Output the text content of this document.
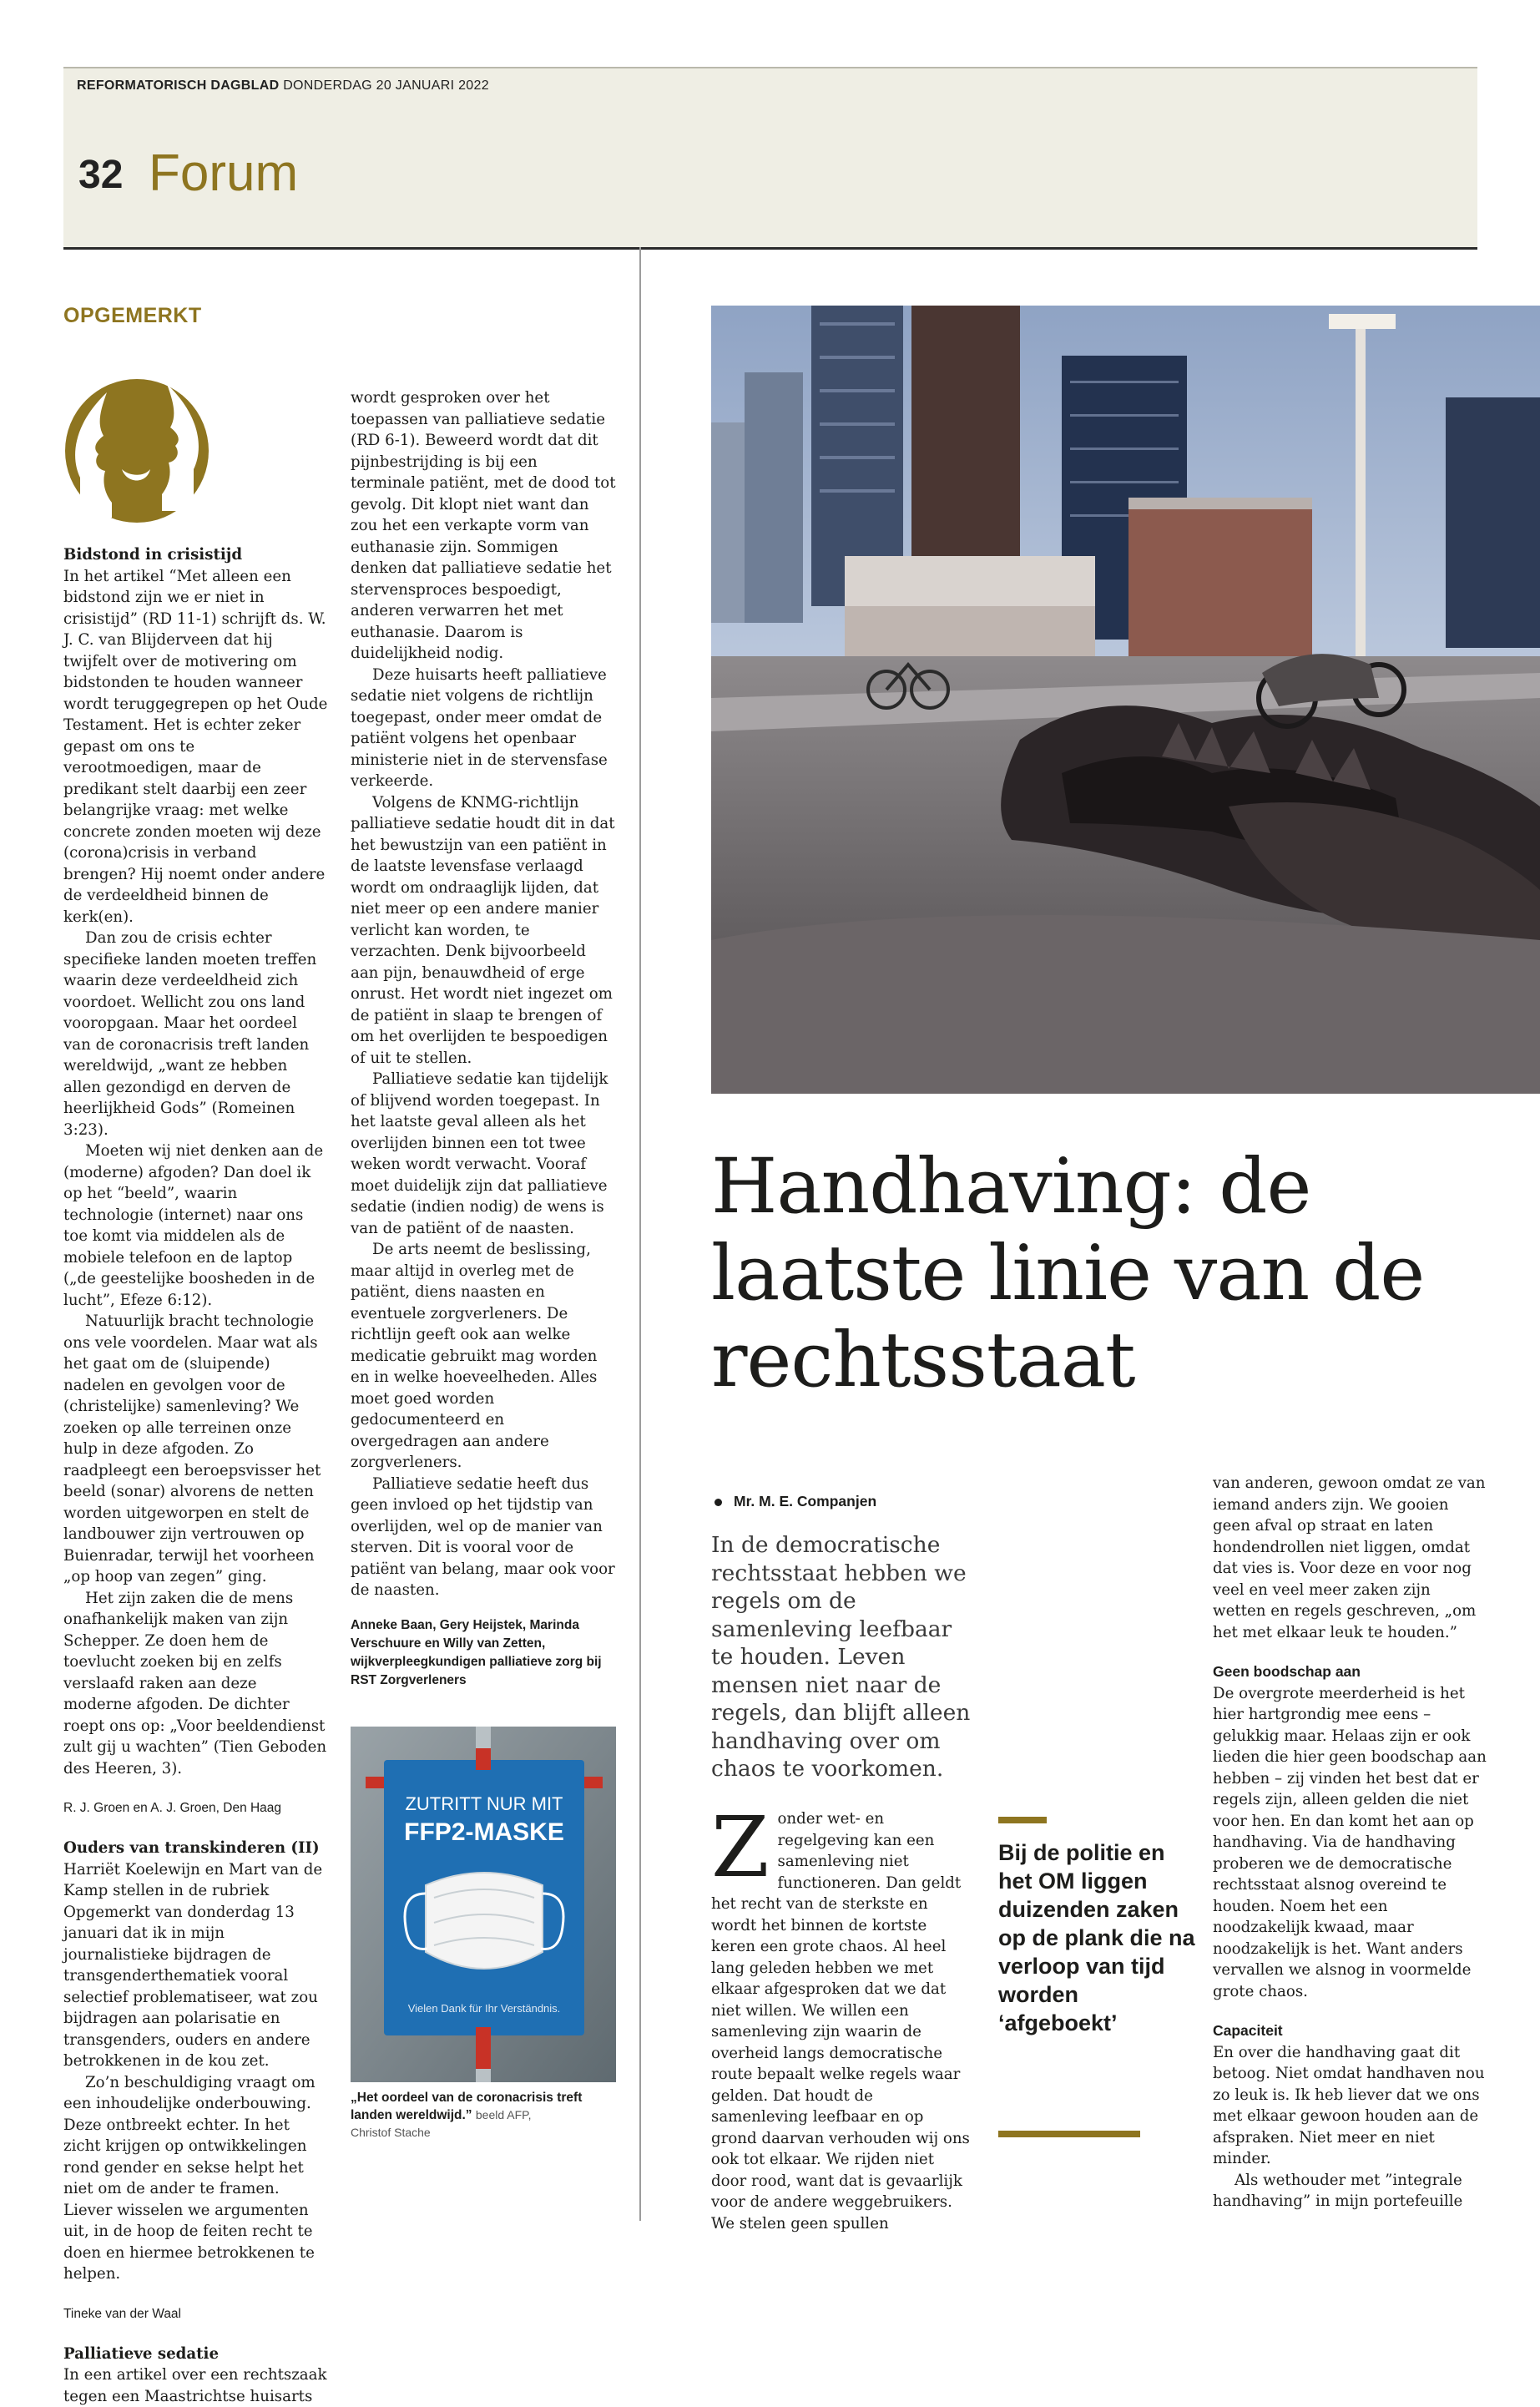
REFORMATORISCH DAGBLAD DONDERDAG 20 JANUARI 2022
32 Forum
OPGEMERKT
Bidstond in crisistijd

In het artikel “Met alleen een bidstond zijn we er niet in crisistijd” (RD 11-1) schrijft ds. W. J. C. van Blijderveen dat hij twijfelt over de motivering om bidstonden te houden wanneer wordt teruggegrepen op het Oude Testament. Het is echter zeker gepast om ons te verootmoedigen, maar de predikant stelt daarbij een zeer belangrijke vraag: met welke concrete zonden moeten wij deze (corona)crisis in verband brengen? Hij noemt onder andere de verdeeldheid binnen de kerk(en).

Dan zou de crisis echter specifieke landen moeten treffen waarin deze verdeeldheid zich voordoet. Wellicht zou ons land vooropgaan. Maar het oordeel van de coronacrisis treft landen wereldwijd, „want ze hebben allen gezondigd en derven de heerlijkheid Gods” (Romeinen 3:23).

Moeten wij niet denken aan de (moderne) afgoden? Dan doel ik op het “beeld”, waarin technologie (internet) naar ons toe komt via middelen als de mobiele telefoon en de laptop („de geestelijke boosheden in de lucht”, Efeze 6:12).

Natuurlijk bracht technologie ons vele voordelen. Maar wat als het gaat om de (sluipende) nadelen en gevolgen voor de (christelijke) samenleving? We zoeken op alle terreinen onze hulp in deze afgoden. Zo raadpleegt een beroepsvisser het beeld (sonar) alvorens de netten worden uitgeworpen en stelt de landbouwer zijn vertrouwen op Buienradar, terwijl het voorheen „op hoop van zegen” ging.

Het zijn zaken die de mens onafhankelijk maken van zijn Schepper. Ze doen hem de toevlucht zoeken bij en zelfs verslaafd raken aan deze moderne afgoden. De dichter roept ons op: „Voor beeldendienst zult gij u wachten” (Tien Geboden des Heeren, 3).

R. J. Groen en A. J. Groen, Den Haag
Ouders van transkinderen (II)

Harriët Koelewijn en Mart van de Kamp stellen in de rubriek Opgemerkt van donderdag 13 januari dat ik in mijn journalistieke bijdragen de transgenderthematiek vooral selectief problematiseer, wat zou bijdragen aan polarisatie en transgenders, ouders en andere betrokkenen in de kou zet.

Zo’n beschuldiging vraagt om een inhoudelijke onderbouwing. Deze ontbreekt echter. In het zicht krijgen op ontwikkelingen rond gender en sekse helpt het niet om de ander te framen. Liever wisselen we argumenten uit, in de hoop de feiten recht te doen en hiermee betrokkenen te helpen.

Tineke van der Waal
Palliatieve sedatie

In een artikel over een rechtszaak tegen een Maastrichtse huisarts

wordt gesproken over het toepassen van palliatieve sedatie (RD 6-1). Beweerd wordt dat dit pijnbestrijding is bij een terminale patiënt, met de dood tot gevolg. Dit klopt niet want dan zou het een verkapte vorm van euthanasie zijn. Sommigen denken dat palliatieve sedatie het stervensproces bespoedigt, anderen verwarren het met euthanasie. Daarom is duidelijkheid nodig.

Deze huisarts heeft palliatieve sedatie niet volgens de richtlijn toegepast, onder meer omdat de patiënt volgens het openbaar ministerie niet in de stervensfase verkeerde.

Volgens de KNMG-richtlijn palliatieve sedatie houdt dit in dat het bewustzijn van een patiënt in de laatste levensfase verlaagd wordt om ondraaglijk lijden, dat niet meer op een andere manier verlicht kan worden, te verzachten. Denk bijvoorbeeld aan pijn, benauwdheid of erge onrust. Het wordt niet ingezet om de patiënt in slaap te brengen of om het overlijden te bespoedigen of uit te stellen.

Palliatieve sedatie kan tijdelijk of blijvend worden toegepast. In het laatste geval alleen als het overlijden binnen een tot twee weken wordt verwacht. Vooraf moet duidelijk zijn dat palliatieve sedatie (indien nodig) de wens is van de patiënt of de naasten.

De arts neemt de beslissing, maar altijd in overleg met de patiënt, diens naasten en eventuele zorgverleners. De richtlijn geeft ook aan welke medicatie gebruikt mag worden en in welke hoeveelheden. Alles moet goed worden gedocumenteerd en overgedragen aan andere zorgverleners.

Palliatieve sedatie heeft dus geen invloed op het tijdstip van overlijden, wel op de manier van sterven. Dit is vooral voor de patiënt van belang, maar ook voor de naasten.

Anneke Baan, Gery Heijstek, Marinda Verschuure en Willy van Zetten, wijkverpleegkundigen palliatieve zorg bij RST Zorgverleners
ZUTRITT NUR MIT
FFP2-MASKE
Vielen Dank für Ihr Verständnis.
„Het oordeel van de coronacrisis treft landen wereldwijd.” beeld AFP,
Christof Stache
Handhaving: de
laatste linie van de
rechtsstaat
Mr. M. E. Companjen
In de democratische rechtsstaat hebben we regels om de samenleving leefbaar te houden. Leven mensen niet naar de regels, dan blijft alleen handhaving over om chaos te voorkomen.
Zonder wet- en regelgeving kan een samenleving niet functioneren. Dan geldt het recht van de sterkste en wordt het binnen de kortste keren een grote chaos. Al heel lang geleden hebben we met elkaar afgesproken dat we dat niet willen. We willen een samenleving zijn waarin de overheid langs democratische route bepaalt welke regels waar gelden. Dat houdt de samenleving leefbaar en op grond daarvan verhouden wij ons ook tot elkaar. We rijden niet door rood, want dat is gevaarlijk voor de andere weggebruikers. We stelen geen spullen
Bij de politie en het OM liggen duizenden zaken op de plank die na verloop van tijd worden ‘afgeboekt’

van anderen, gewoon omdat ze van iemand anders zijn. We gooien geen afval op straat en laten hondendrollen niet liggen, omdat dat vies is. Voor deze en voor nog veel en veel meer zaken zijn wetten en regels geschreven, „om het met elkaar leuk te houden.”

Geen boodschap aan

De overgrote meerderheid is het hier hartgrondig mee eens – gelukkig maar. Helaas zijn er ook lieden die hier geen boodschap aan hebben – zij vinden het best dat er regels zijn, alleen gelden die niet voor hen. En dan komt het aan op handhaving. Via de handhaving proberen we de democratische rechtsstaat alsnog overeind te houden. Noem het een noodzakelijk kwaad, maar noodzakelijk is het. Want anders vervallen we alsnog in voormelde grote chaos.

Capaciteit

En over die handhaving gaat dit betoog. Niet omdat handhaven nou zo leuk is. Ik heb liever dat we ons met elkaar gewoon houden aan de afspraken. Niet meer en niet minder.

Als wethouder met ”integrale handhaving” in mijn portefeuille
